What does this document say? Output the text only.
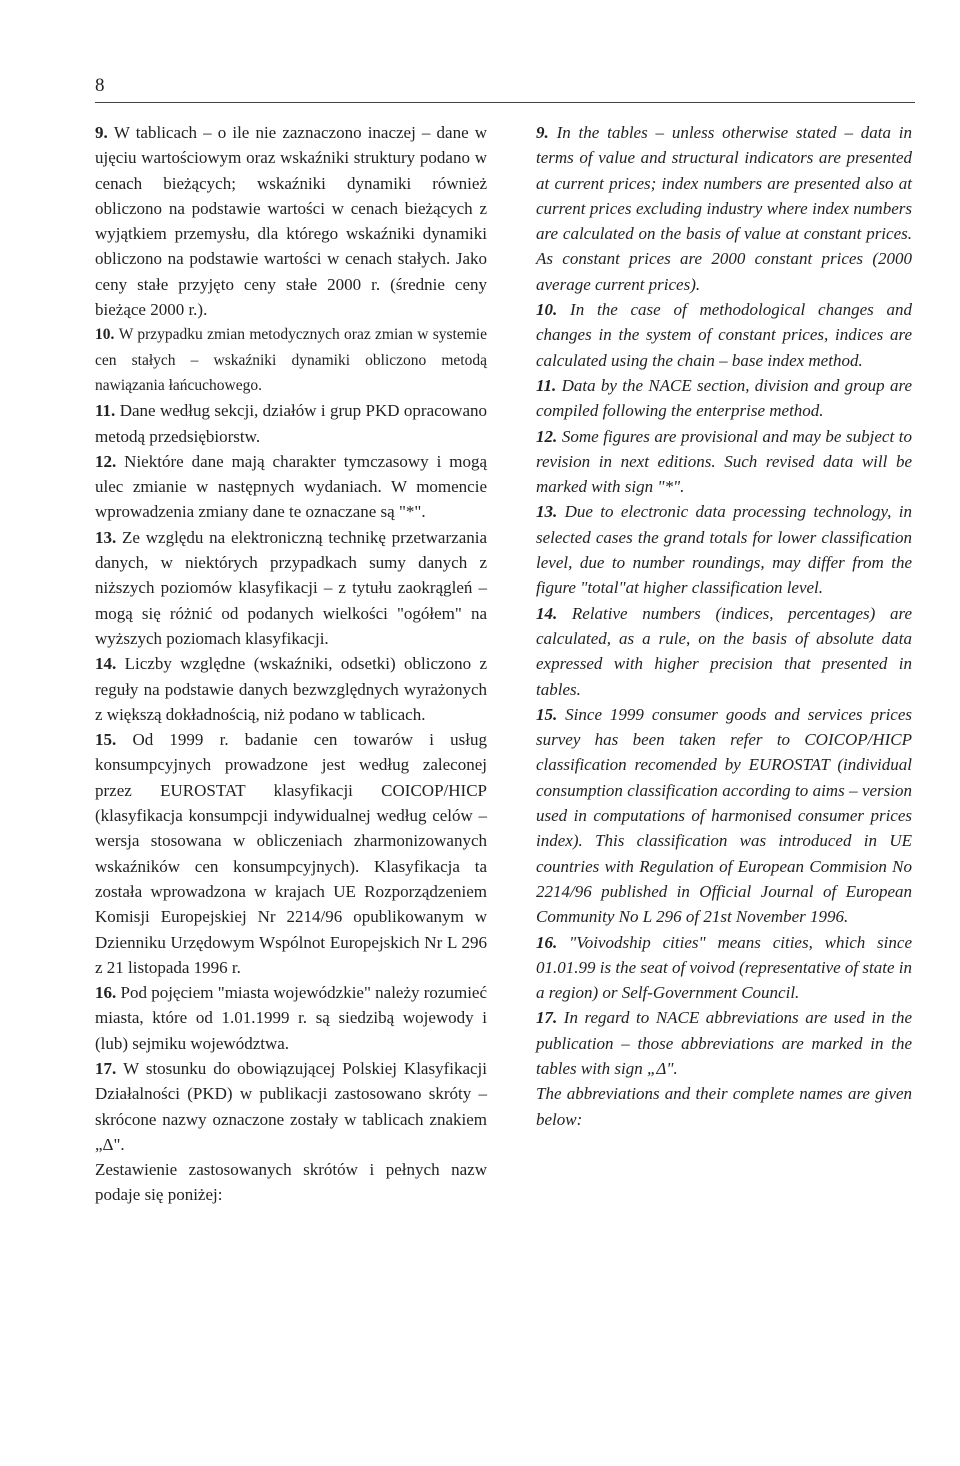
8

9. W tablicach – o ile nie zaznaczono inaczej – dane w ujęciu wartościowym oraz wskaźniki struktury podano w cenach bieżących; wskaźniki dynamiki również obliczono na podstawie wartości w cenach bieżących z wyjątkiem przemysłu, dla którego wskaźniki dynamiki obliczono na podstawie wartości w cenach stałych. Jako ceny stałe przyjęto ceny stałe 2000 r. (średnie ceny bieżące 2000 r.).

10. W przypadku zmian metodycznych oraz zmian w systemie cen stałych – wskaźniki dynamiki obliczono metodą nawiązania łańcuchowego.

11. Dane według sekcji, działów i grup PKD opracowano metodą przedsiębiorstw.

12. Niektóre dane mają charakter tymczasowy i mogą ulec zmianie w następnych wydaniach. W momencie wprowadzenia zmiany dane te oznaczane są "*".

13. Ze względu na elektroniczną technikę przetwarzania danych, w niektórych przypadkach sumy danych z niższych poziomów klasyfikacji – z tytułu zaokrągleń – mogą się różnić od podanych wielkości "ogółem" na wyższych poziomach klasyfikacji.

14. Liczby względne (wskaźniki, odsetki) obliczono z reguły na podstawie danych bezwzględnych wyrażonych z większą dokładnością, niż podano w tablicach.

15. Od 1999 r. badanie cen towarów i usług konsumpcyjnych prowadzone jest według zaleconej przez EUROSTAT klasyfikacji COICOP/HICP (klasyfikacja konsumpcji indywidualnej według celów – wersja stosowana w obliczeniach zharmonizowanych wskaźników cen konsumpcyjnych). Klasyfikacja ta została wprowadzona w krajach UE Rozporządzeniem Komisji Europejskiej Nr 2214/96 opublikowanym w Dzienniku Urzędowym Wspólnot Europejskich Nr L 296 z 21 listopada 1996 r.

16. Pod pojęciem "miasta wojewódzkie" należy rozumieć miasta, które od 1.01.1999 r. są siedzibą wojewody i (lub) sejmiku województwa.

17. W stosunku do obowiązującej Polskiej Klasyfikacji Działalności (PKD) w publikacji zastosowano skróty – skrócone nazwy oznaczone zostały w tablicach znakiem „Δ".

Zestawienie zastosowanych skrótów i pełnych nazw podaje się poniżej:

9. In the tables – unless otherwise stated – data in terms of value and structural indicators are presented at current prices; index numbers are presented also at current prices excluding industry where index numbers are calculated on the basis of value at constant prices. As constant prices are 2000 constant prices (2000 average current prices).

10. In the case of methodological changes and changes in the system of constant prices, indices are calculated using the chain – base index method.

11. Data by the NACE section, division and group are compiled following the enterprise method.

12. Some figures are provisional and may be subject to revision in next editions. Such revised data will be marked with sign "*".

13. Due to electronic data processing technology, in selected cases the grand totals for lower classification level, due to number roundings, may differ from the figure "total"at higher classification level.

14. Relative numbers (indices, percentages) are calculated, as a rule, on the basis of absolute data expressed with higher precision that presented in tables.

15. Since 1999 consumer goods and services prices survey has been taken refer to COICOP/HICP classification recomended by EUROSTAT (individual consumption classification according to aims – version used in computations of harmonised consumer prices index). This classification was introduced in UE countries with Regulation of European Commision No 2214/96 published in Official Journal of European Community No L 296 of 21st November 1996.

16. "Voivodship cities" means cities, which since 01.01.99 is the seat of voivod (representative of state in a region) or Self-Government Council.

17. In regard to NACE abbreviations are used in the publication – those abbreviations are marked in the tables with sign „Δ".

The abbreviations and their complete names are given below:
